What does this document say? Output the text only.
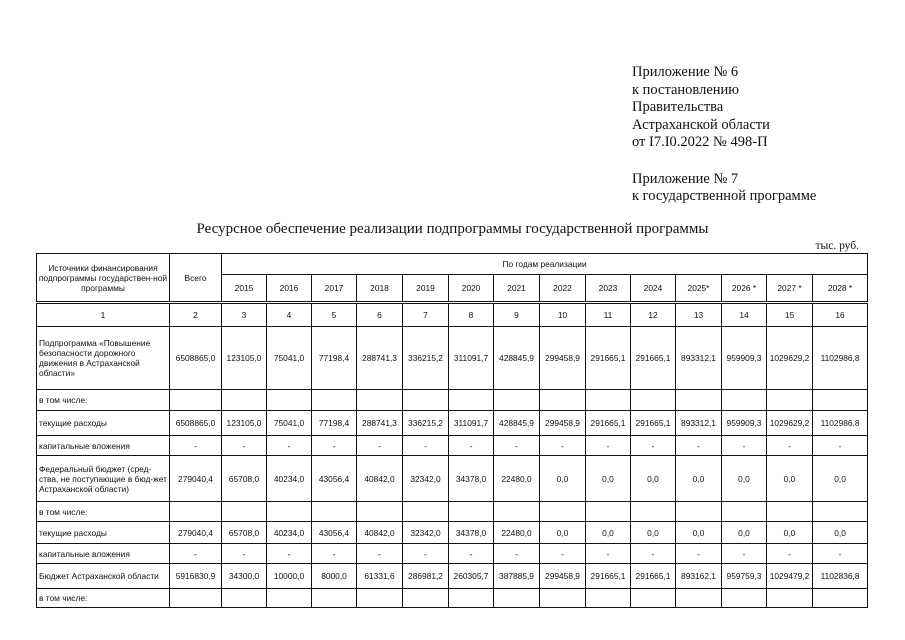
Приложение № 6
к постановлению
Правительства
Астраханской области
от I7.I0.2022 № 498-П
Приложение № 7
к государственной программе
Ресурсное обеспечение реализации подпрограммы государственной программы
тыс. руб.
Источники финансирования подпрограммы государствен-ной программы	Всего	По годам реализации													
		2015	2016	2017	2018	2019	2020	2021	2022	2023	2024	2025*	2026 *	2027 *	2028 *
1	2	3	4	5	6	7	8	9	10	11	12	13	14	15	16
Подпрограмма «Повышение безопасности дорожного движения в Астраханской области»	6508865,0	123105,0	75041,0	77198,4	288741,3	336215,2	311091,7	428845,9	299458,9	291665,1	291665,1	893312,1	959909,3	1029629,2	1102986,8
в том числе:															
текущие расходы	6508865,0	123105,0	75041,0	77198,4	288741,3	336215,2	311091,7	428845,9	299458,9	291665,1	291665,1	893312,1	959909,3	1029629,2	1102986,8
капитальные вложения	-	-	-	-	-	-	-	-	-	-	-	-	-	-	-
Федеральный бюджет (сред-ства, не поступающие в бюд-жет Астраханской области)	279040,4	65708,0	40234,0	43056,4	40842,0	32342,0	34378,0	22480,0	0,0	0,0	0,0	0,0	0,0	0,0	0,0
в том числе:															
текущие расходы	279040,4	65708,0	40234,0	43056,4	40842,0	32342,0	34378,0	22480,0	0,0	0,0	0,0	0,0	0,0	0,0	0,0
капитальные вложения	-	-	-	-	-	-	-	-	-	-	-	-	-	-	-
Бюджет Астраханской области	5916830,9	34300,0	10000,0	8000,0	61331,6	286981,2	260305,7	387885,9	299458,9	291665,1	291665,1	893162,1	959759,3	1029479,2	1102836,8
в том числе:															
